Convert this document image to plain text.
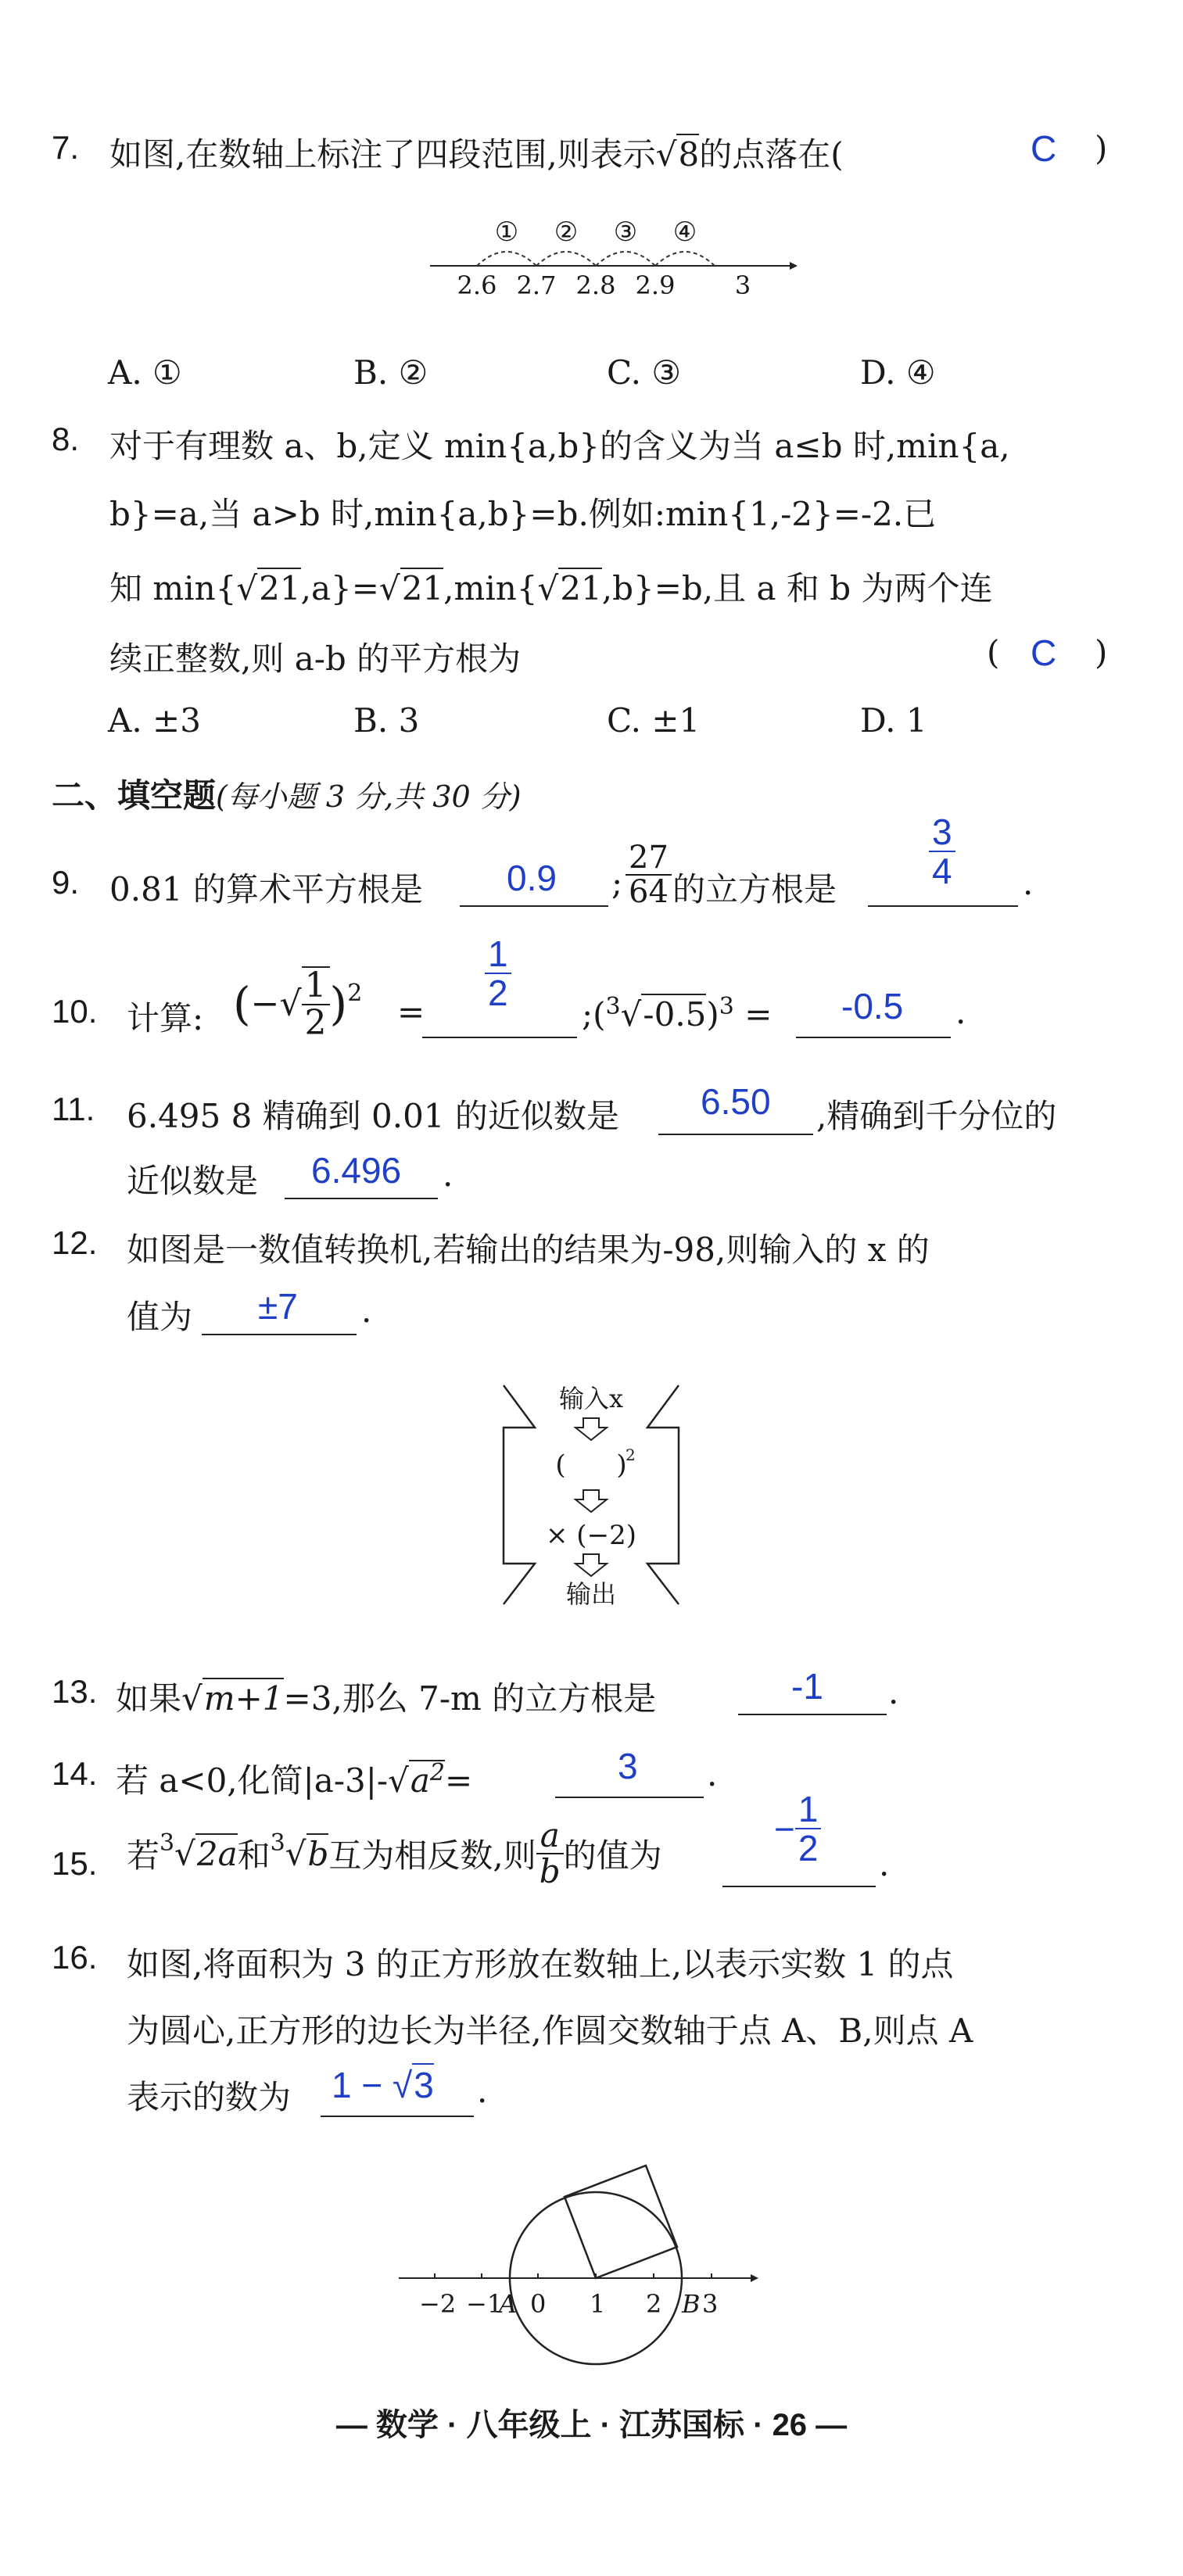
7. 如图,在数轴上标注了四段范围,则表示√8的点落在(	C )
① ② ③ ④
2.6 2.7 2.8 2.9 3
A. ①	B. ②	C. ③	D. ④
8. 对于有理数 a、b,定义 min{a,b}的含义为当 a≤b 时,min{a,
b}=a,当 a>b 时,min{a,b}=b.例如:min{1,-2}=-2.已
知 min{√21,a}=√21,min{√21,b}=b,且 a 和 b 为两个连
续正整数,则 a-b 的平方根为	( C )
A. ±3	B. 3	C. ±1	D. 1
二、填空题(每小题 3 分,共 30 分)
9. 0.81 的算术平方根是 0.9 ; $\frac{27}{64}$ 的立方根是	$\frac{3}{4}$ .
10. 计算: (−√ $\frac{1}{2} )^2 = \frac{1}{2}$
$;(^3√-0.5)^3 = -0.5$ .
11. 6.495 8 精确到 0.01 的近似数是 6.50 ,精确到千分位的
近似数是 6.496 .
12. 如图是一数值转换机,若输出的结果为-98,则输入的 x 的
值为 ±7 .
输入x
(      )
2
× (−2)
输出
13. 如果√m+1=3,那么 7-m 的立方根是	-1 .
14. 若 a<0,化简$|a-3|-√a^2=$	3 .
15. 若$^3$√2a和$^3$√b互为相反数,则 $\frac{a}{b}$ 的值为
− $\frac{1}{2}$ .
16. 如图,将面积为 3 的正方形放在数轴上,以表示实数 1 的点
为圆心,正方形的边长为半径,作圆交数轴于点 A、B,则点 A
表示的数为 1 − √3 .
−2 −1
A 0 1 2 B 3
— 数学 · 八年级上 · 江苏国标 · 26 —
